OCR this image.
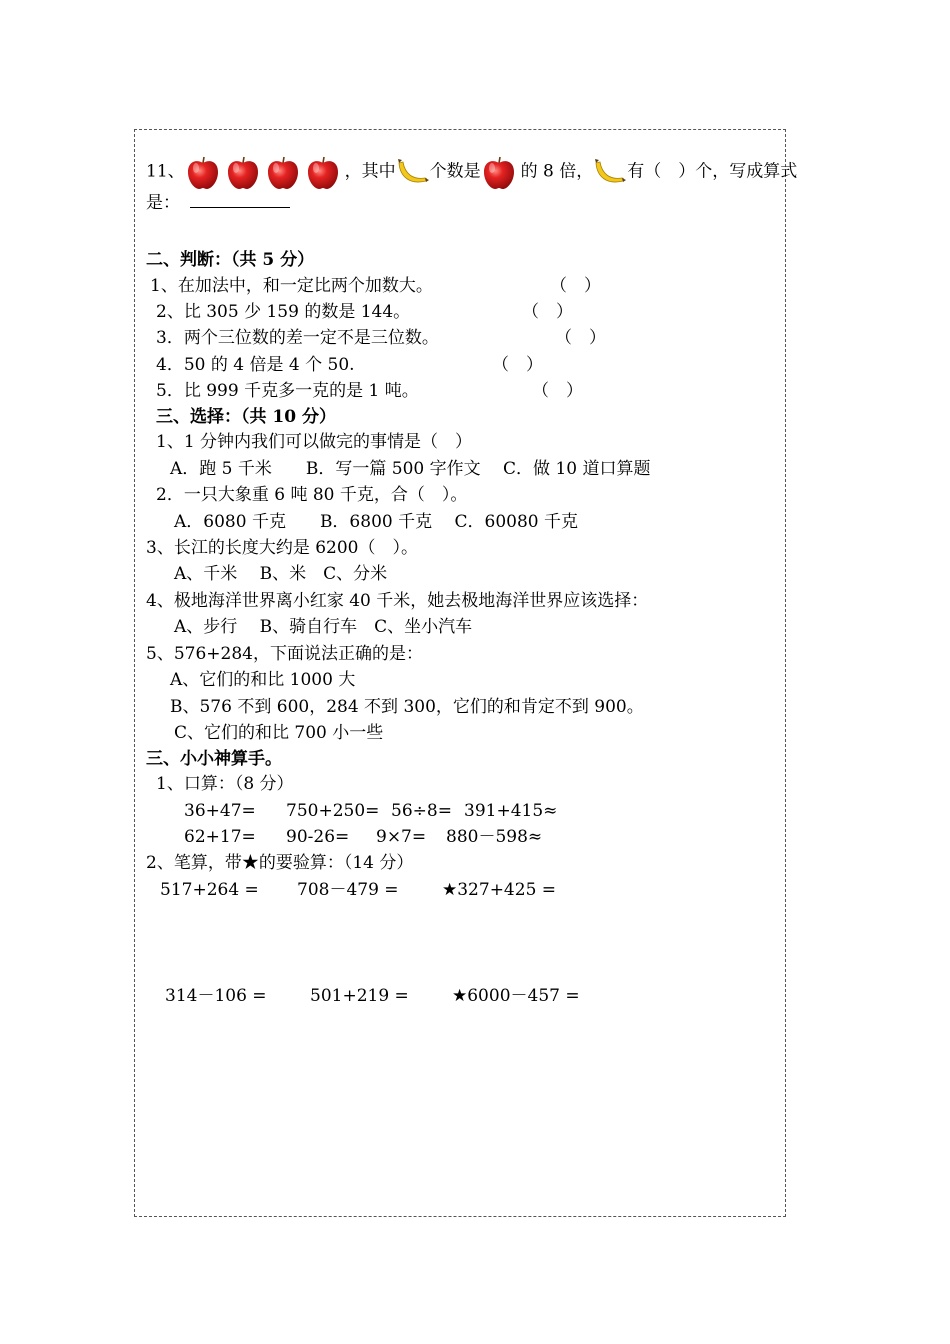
11、	，其中 个数是 的 8 倍， 有（　）个，写成算式
是：
二、判断：（共 5 分）
1、在加法中，和一定比两个加数大。	（　）
2、比 305 少 159 的数是 144。	（　）
3．两个三位数的差一定不是三位数。	（　）
4．50 的 4 倍是 4 个 50.	（　）
5．比 999 千克多一克的是 1 吨。	（　）
三、选择：（共 10 分）
1、1 分钟内我们可以做完的事情是（　）
A．跑 5 千米　　B．写一篇 500 字作文　 C．做 10 道口算题
2．一只大象重 6 吨 80 千克，合（　）。
A．6080 千克　　B．6800 千克　 C．60080 千克
3、长江的长度大约是 6200（　）。
A、千米　 B、米　C、分米
4、极地海洋世界离小红家 40 千米，她去极地海洋世界应该选择：
A、步行　 B、骑自行车　C、坐小汽车
5、576+284，下面说法正确的是：
A、它们的和比 1000 大
B、576 不到 600，284 不到 300，它们的和肯定不到 900。
C、它们的和比 700 小一些
三、小小神算手。
1、口算：（8 分）
36+47= 750+250= 56÷8= 391+415≈
62+17= 90-26= 9×7= 880－598≈
2、笔算，带★的要验算：（14 分）
517+264 = 708－479 =	★327+425 =
314－106 =	501+219 =	★6000－457 =
